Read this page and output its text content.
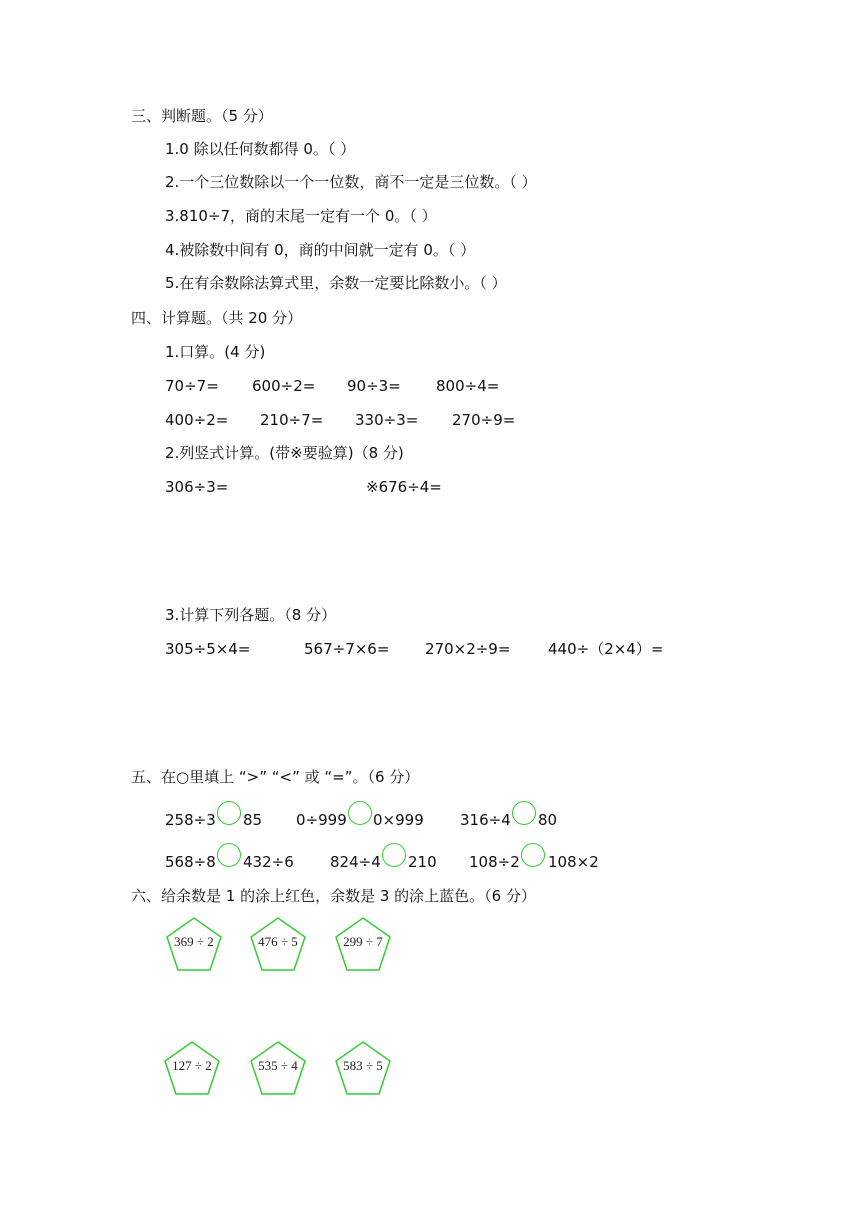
三、判断题。（5 分）
1.0 除以任何数都得 0。（ ）
2.一个三位数除以一个一位数，商不一定是三位数。（ ）
3.810÷7，商的末尾一定有一个 0。（ ）
4.被除数中间有 0，商的中间就一定有 0。（ ）
5.在有余数除法算式里，余数一定要比除数小。（ ）
四、计算题。（共 20 分）
1.口算。(4 分)
70÷7= 600÷2= 90÷3= 800÷4=
400÷2= 210÷7= 330÷3= 270÷9=
2.列竖式计算。(带※要验算)（8 分)
306÷3=	※676÷4=
3.计算下列各题。（8 分）
305÷5×4=	567÷7×6= 270×2÷9=	440÷（2×4）=
五、在○里填上 “>” “<” 或 “=”。（6 分）
258÷3 85 0÷999 0×999 316÷4 80
568÷8 432÷6 824÷4 210 108÷2 108×2
六、给余数是 1 的涂上红色，余数是 3 的涂上蓝色。（6 分）
369 ÷ 2	476 ÷ 5	299 ÷ 7
127 ÷ 2	535 ÷ 4	583 ÷ 5
